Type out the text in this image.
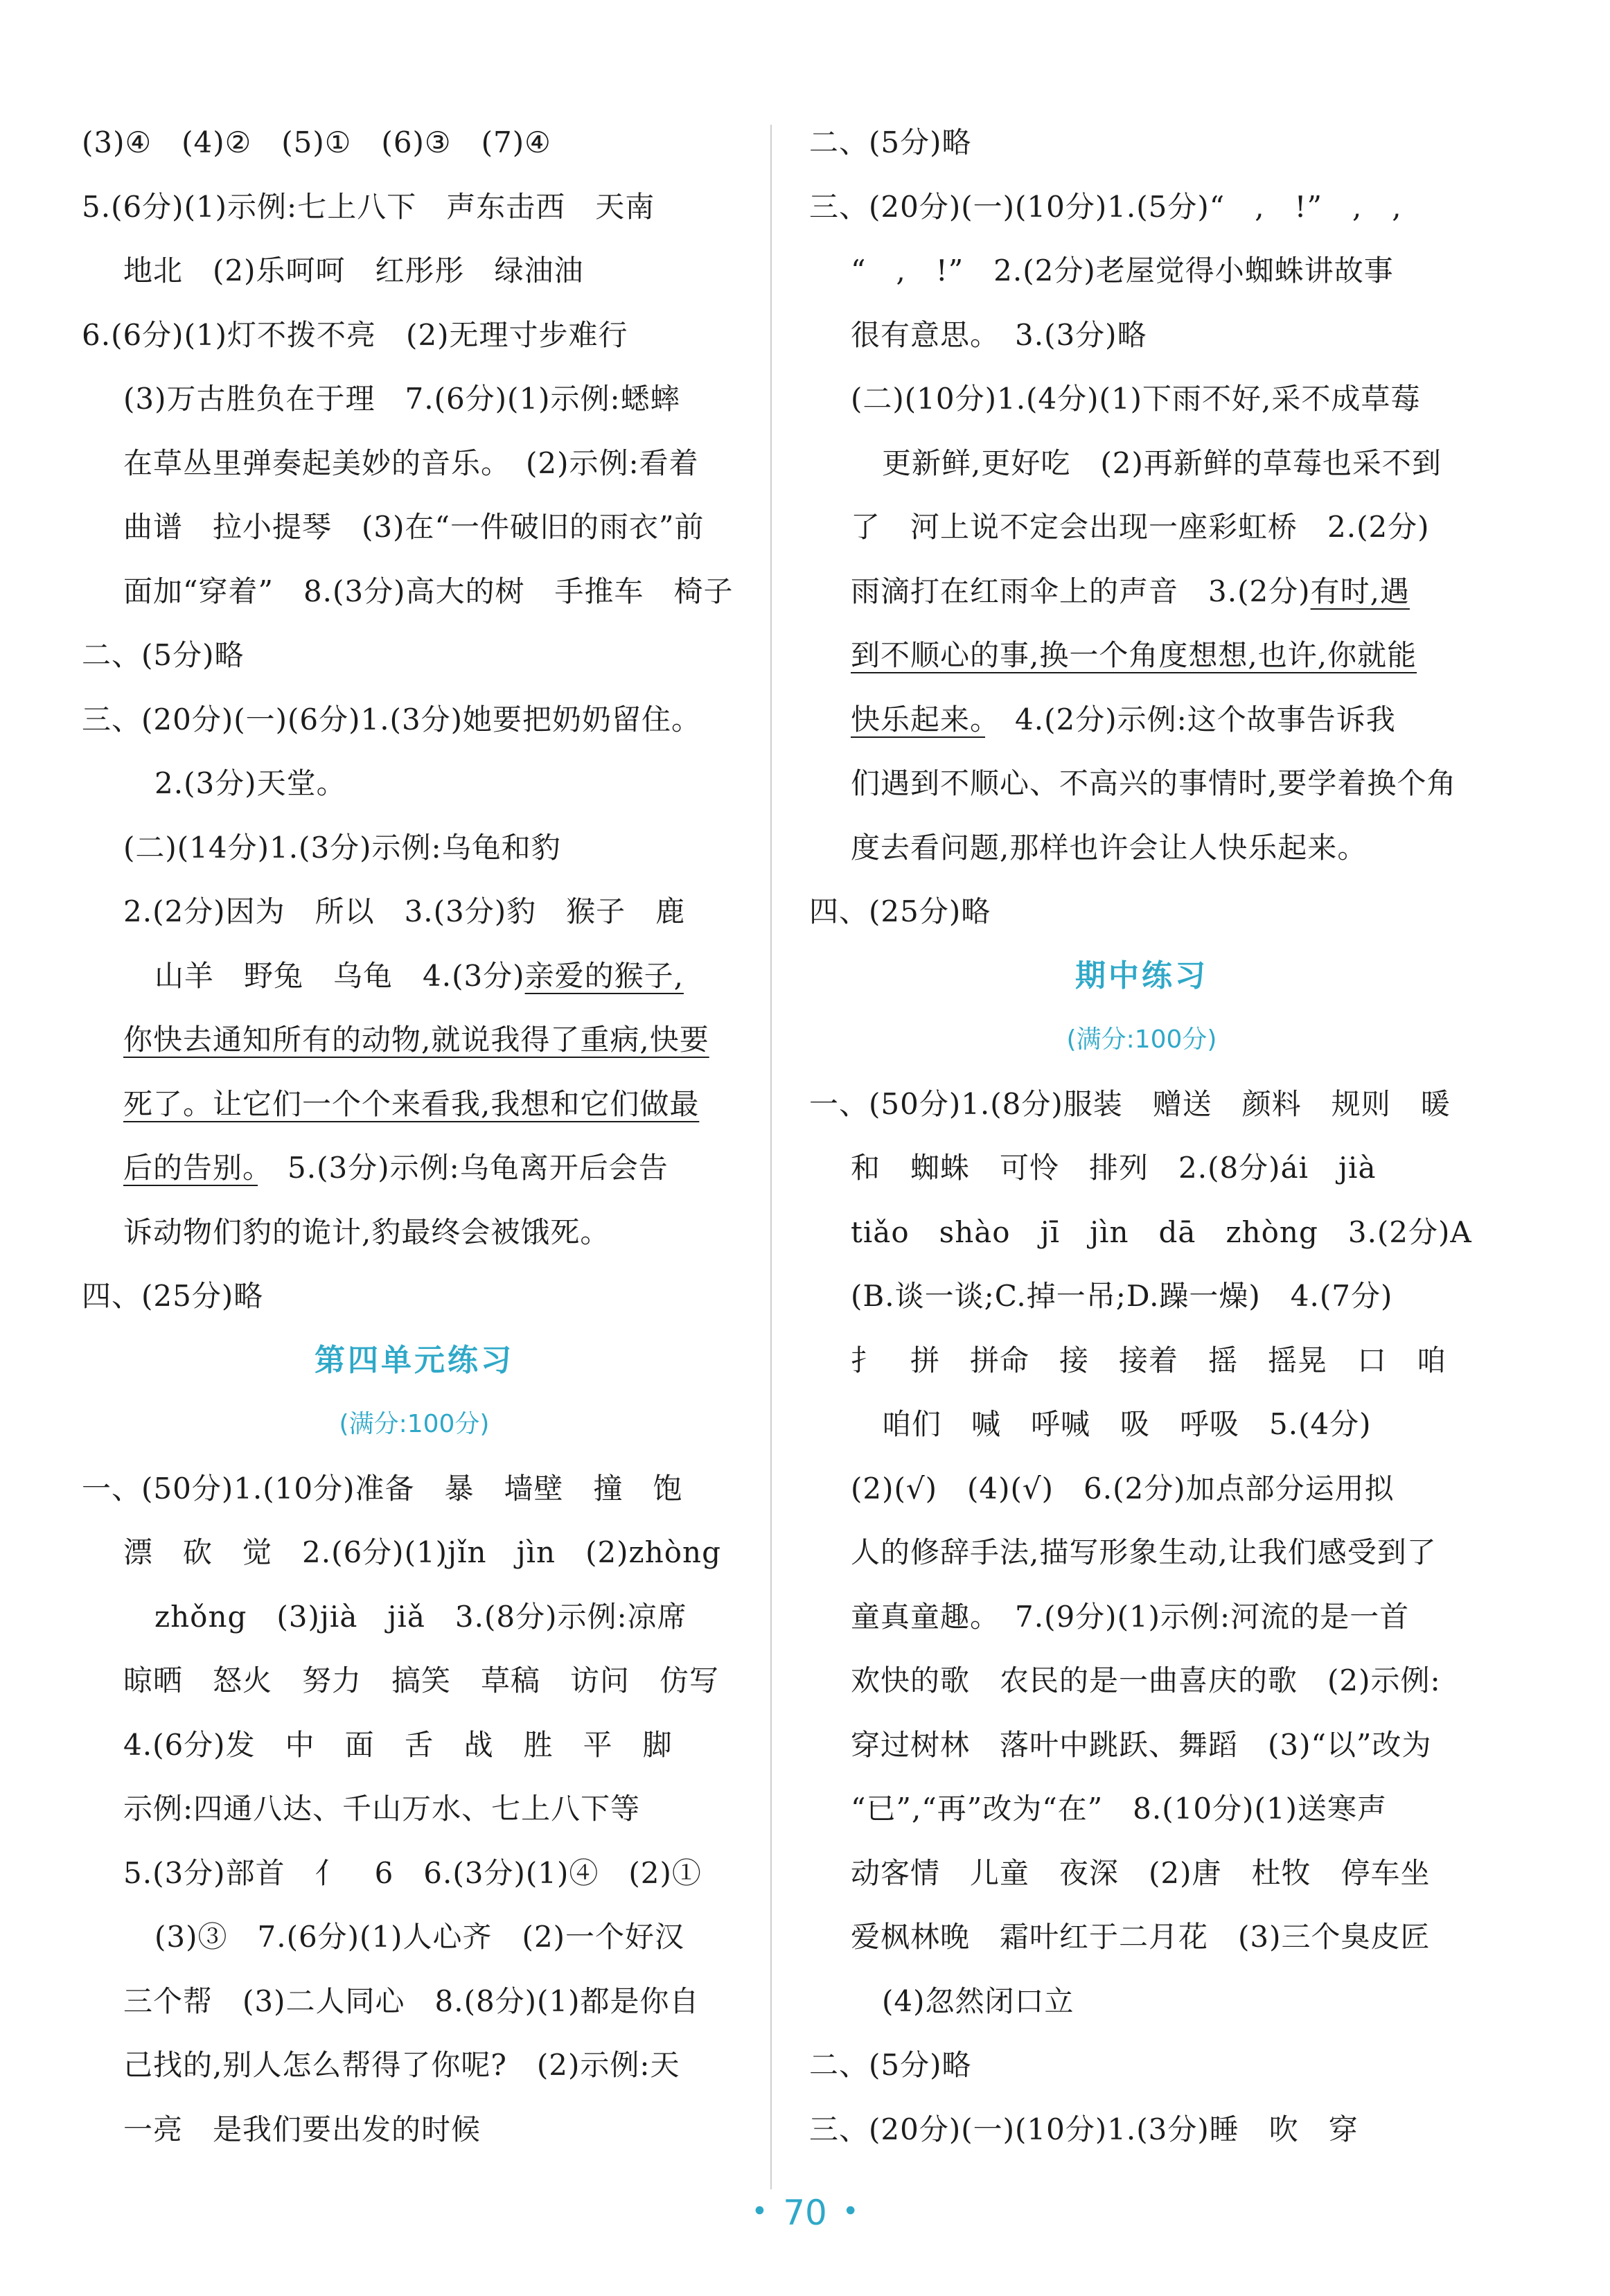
(3)④　(4)②　(5)①　(6)③　(7)④
5.(6分)(1)示例:七上八下　声东击西　天南
地北　(2)乐呵呵　红彤彤　绿油油
6.(6分)(1)灯不拨不亮　(2)无理寸步难行
(3)万古胜负在于理　7.(6分)(1)示例:蟋蟀
在草丛里弹奏起美妙的音乐。　(2)示例:看着
曲谱　拉小提琴　(3)在“一件破旧的雨衣”前
面加“穿着”　8.(3分)高大的树　手推车　椅子
二、(5分)略
三、(20分)(一)(6分)1.(3分)她要把奶奶留住。
2.(3分)天堂。
(二)(14分)1.(3分)示例:乌龟和豹
2.(2分)因为　所以　3.(3分)豹　猴子　鹿
山羊　野兔　乌龟　4.(3分)亲爱的猴子,
你快去通知所有的动物,就说我得了重病,快要
死了。让它们一个个来看我,我想和它们做最
后的告别。　5.(3分)示例:乌龟离开后会告
诉动物们豹的诡计,豹最终会被饿死。
四、(25分)略
第四单元练习
(满分:100分)
一、(50分)1.(10分)准备　暴　墙壁　撞　饱
漂　砍　觉　2.(6分)(1)jǐn　jìn　(2)zhòng
zhǒng　(3)jià　jiǎ　3.(8分)示例:凉席
晾晒　怒火　努力　搞笑　草稿　访问　仿写
4.(6分)发　中　面　舌　战　胜　平　脚
示例:四通八达、千山万水、七上八下等
5.(3分)部首　亻　6　6.(3分)(1)④　(2)①
(3)③　7.(6分)(1)人心齐　(2)一个好汉
三个帮　(3)二人同心　8.(8分)(1)都是你自
己找的,别人怎么帮得了你呢?　(2)示例:天
一亮　是我们要出发的时候
二、(5分)略
三、(20分)(一)(10分)1.(5分)“　,　!”　,　,
“　,　!”　2.(2分)老屋觉得小蜘蛛讲故事
很有意思。　3.(3分)略
(二)(10分)1.(4分)(1)下雨不好,采不成草莓
更新鲜,更好吃　(2)再新鲜的草莓也采不到
了　河上说不定会出现一座彩虹桥　2.(2分)
雨滴打在红雨伞上的声音　3.(2分)有时,遇
到不顺心的事,换一个角度想想,也许,你就能
快乐起来。　4.(2分)示例:这个故事告诉我
们遇到不顺心、不高兴的事情时,要学着换个角
度去看问题,那样也许会让人快乐起来。
四、(25分)略
期中练习
(满分:100分)
一、(50分)1.(8分)服装　赠送　颜料　规则　暖
和　蜘蛛　可怜　排列　2.(8分)ái　jià
tiǎo　shào　jī　jìn　dā　zhòng　3.(2分)A
(B.谈一谈;C.掉一吊;D.躁一燥)　4.(7分)
扌　拼　拼命　接　接着　摇　摇晃　口　咱
咱们　喊　呼喊　吸　呼吸　5.(4分)
(2)(√)　(4)(√)　6.(2分)加点部分运用拟
人的修辞手法,描写形象生动,让我们感受到了
童真童趣。　7.(9分)(1)示例:河流的是一首
欢快的歌　农民的是一曲喜庆的歌　(2)示例:
穿过树林　落叶中跳跃、舞蹈　(3)“以”改为
“已”,“再”改为“在”　8.(10分)(1)送寒声
动客情　儿童　夜深　(2)唐　杜牧　停车坐
爱枫林晚　霜叶红于二月花　(3)三个臭皮匠
(4)忽然闭口立
二、(5分)略
三、(20分)(一)(10分)1.(3分)睡　吹　穿
• 70 •
